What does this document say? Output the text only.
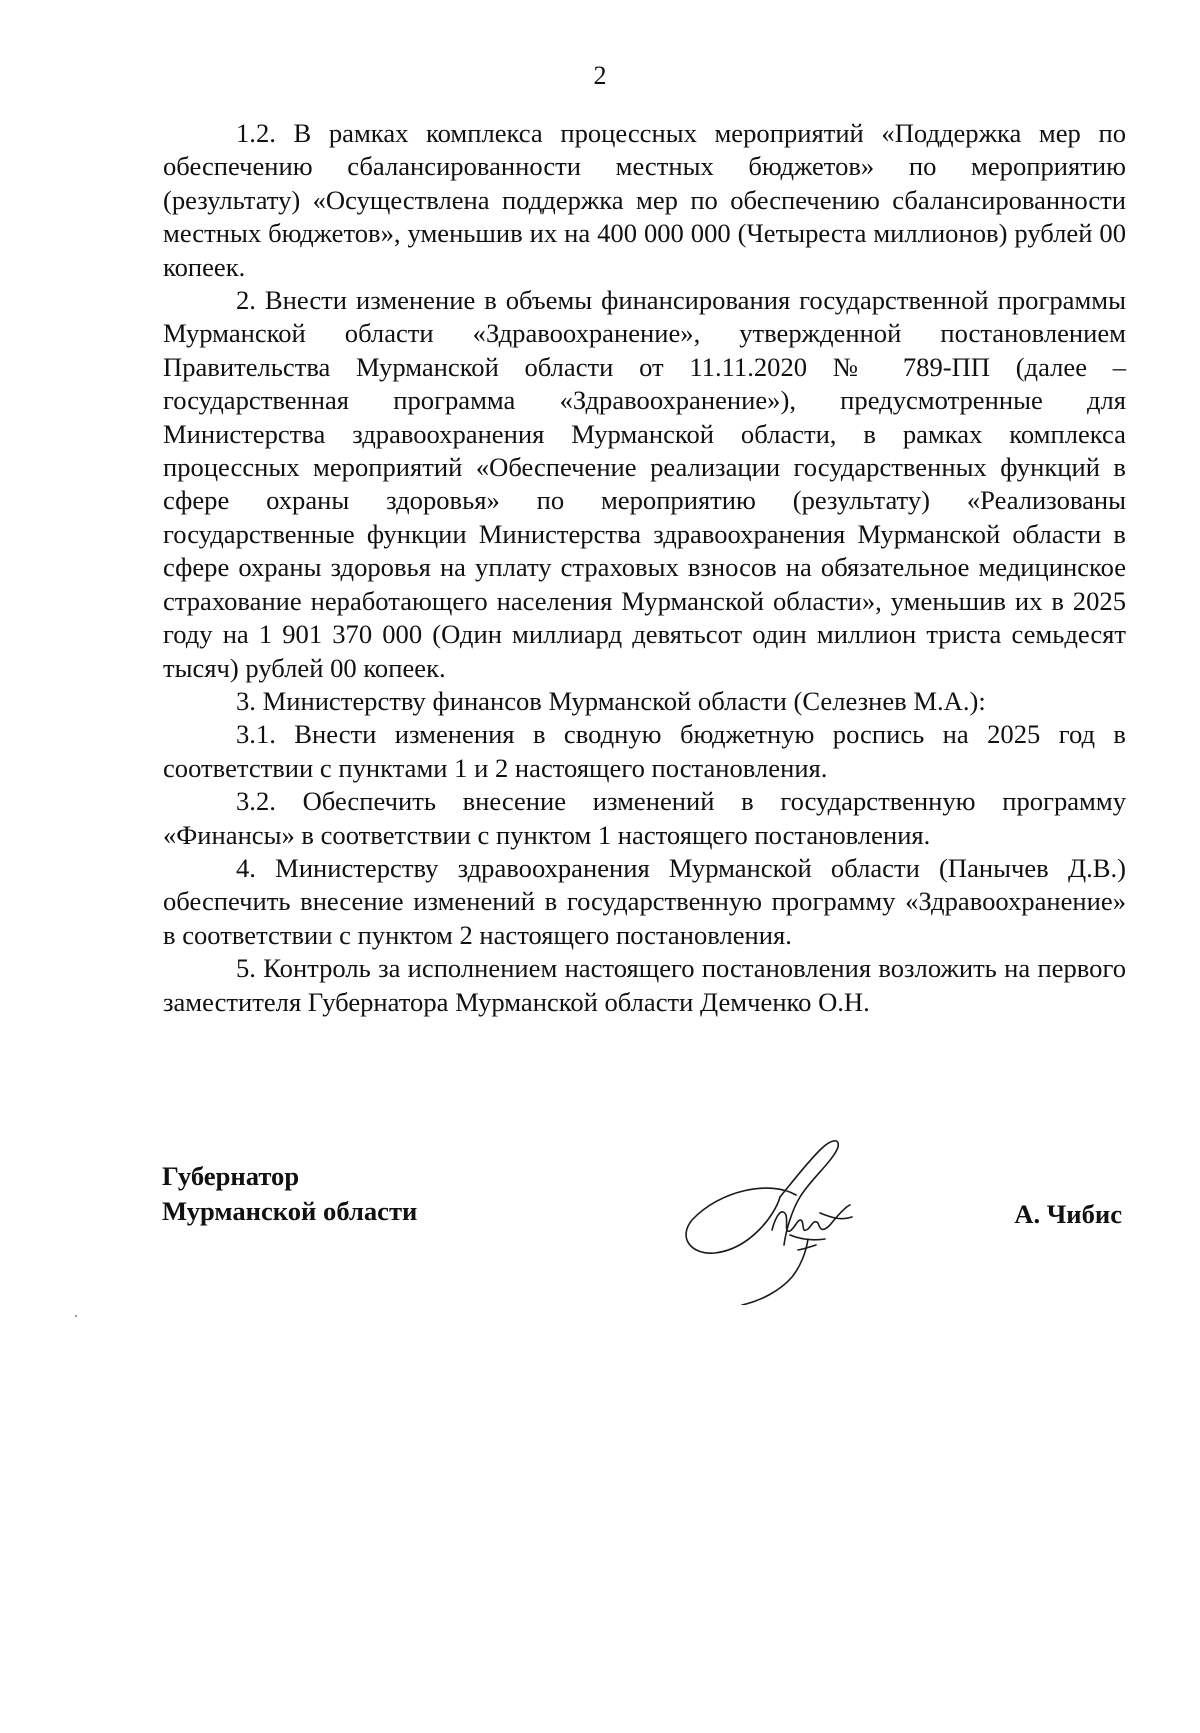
2

1.2. В рамках комплекса процессных мероприятий «Поддержка мер по обеспечению сбалансированности местных бюджетов» по мероприятию (результату) «Осуществлена поддержка мер по обеспечению сбалансированности местных бюджетов», уменьшив их на 400 000 000 (Четыреста миллионов) рублей 00 копеек.

2. Внести изменение в объемы финансирования государственной программы Мурманской области «Здравоохранение», утвержденной постановлением Правительства Мурманской области от 11.11.2020 № 789-ПП (далее – государственная программа «Здравоохранение»), предусмотренные для Министерства здравоохранения Мурманской области, в рамках комплекса процессных мероприятий «Обеспечение реализации государственных функций в сфере охраны здоровья» по мероприятию (результату) «Реализованы государственные функции Министерства здравоохранения Мурманской области в сфере охраны здоровья на уплату страховых взносов на обязательное медицинское страхование неработающего населения Мурманской области», уменьшив их в 2025 году на 1 901 370 000 (Один миллиард девятьсот один миллион триста семьдесят тысяч) рублей 00 копеек.

3. Министерству финансов Мурманской области (Селезнев М.А.):

3.1. Внести изменения в сводную бюджетную роспись на 2025 год в соответствии с пунктами 1 и 2 настоящего постановления.

3.2. Обеспечить внесение изменений в государственную программу «Финансы» в соответствии с пунктом 1 настоящего постановления.

4. Министерству здравоохранения Мурманской области (Панычев Д.В.) обеспечить внесение изменений в государственную программу «Здравоохранение» в соответствии с пунктом 2 настоящего постановления.

5. Контроль за исполнением настоящего постановления возложить на первого заместителя Губернатора Мурманской области Демченко О.Н.

Губернатор
Мурманской области	А. Чибис
